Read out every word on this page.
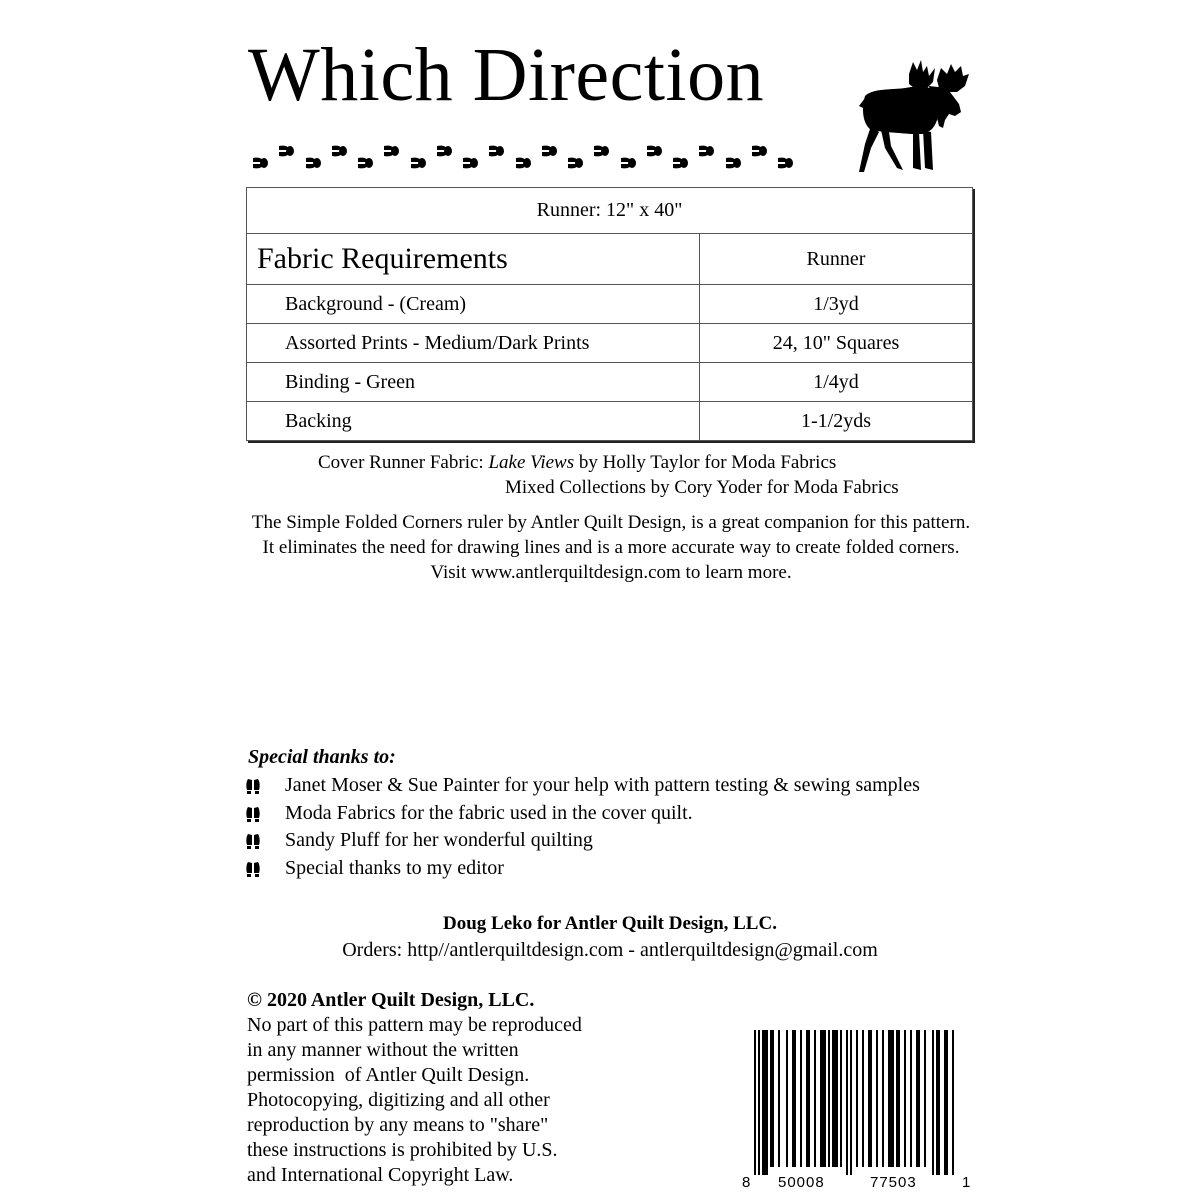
Which Direction
Runner: 12" x 40"	
Fabric Requirements	Runner
Background - (Cream)	1/3yd
Assorted Prints - Medium/Dark Prints	24, 10" Squares
Binding - Green	1/4yd
Backing	1-1/2yds
Cover Runner Fabric: Lake Views by Holly Taylor for Moda Fabrics
Mixed Collections by Cory Yoder for Moda Fabrics
The Simple Folded Corners ruler by Antler Quilt Design, is a great companion for this pattern. It eliminates the need for drawing lines and is a more accurate way to create folded corners. Visit www.antlerquiltdesign.com to learn more.
Special thanks to:
Janet Moser & Sue Painter for your help with pattern testing & sewing samples
Moda Fabrics for the fabric used in the cover quilt.
Sandy Pluff for her wonderful quilting
Special thanks to my editor
Doug Leko for Antler Quilt Design, LLC.
Orders: http//antlerquiltdesign.com - antlerquiltdesign@gmail.com
© 2020 Antler Quilt Design, LLC.
No part of this pattern may be reproduced
in any manner without the written
permission  of Antler Quilt Design.
Photocopying, digitizing and all other
reproduction by any means to "share"
these instructions is prohibited by U.S.
and International Copyright Law.	8 50008	77503	1
